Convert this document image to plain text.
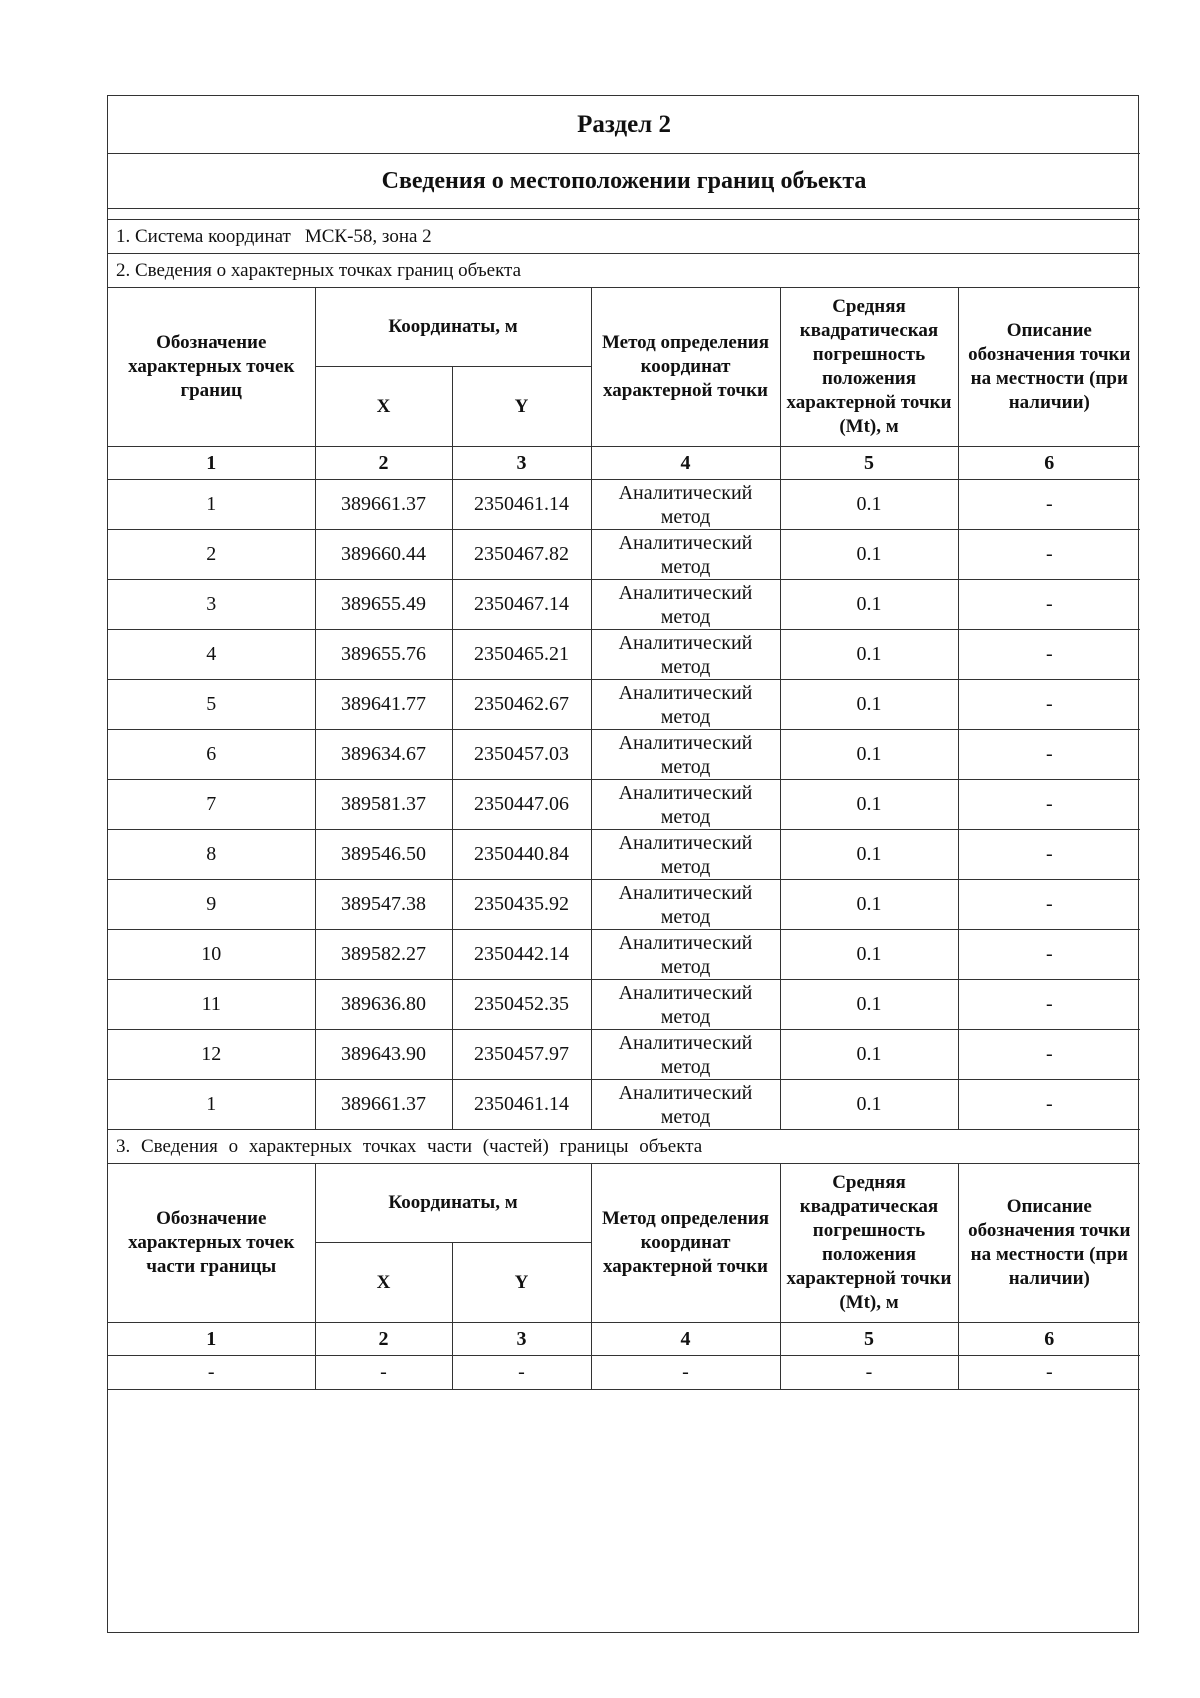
Раздел 2					
Сведения о местоположении границ объекта					

1. Система координат МСК-58, зона 2					
2. Сведения о характерных точках границ объекта					
Обозначение характерных точек границ	Координаты, м		Метод определения координат характерной точки	Средняя квадратическая погрешность положения характерной точки (Mt), м	Описание обозначения точки на местности (при наличии)
	X	Y			
1	2	3	4	5	6
1	389661.37	2350461.14	Аналитический метод	0.1	-
2	389660.44	2350467.82	Аналитический метод	0.1	-
3	389655.49	2350467.14	Аналитический метод	0.1	-
4	389655.76	2350465.21	Аналитический метод	0.1	-
5	389641.77	2350462.67	Аналитический метод	0.1	-
6	389634.67	2350457.03	Аналитический метод	0.1	-
7	389581.37	2350447.06	Аналитический метод	0.1	-
8	389546.50	2350440.84	Аналитический метод	0.1	-
9	389547.38	2350435.92	Аналитический метод	0.1	-
10	389582.27	2350442.14	Аналитический метод	0.1	-
11	389636.80	2350452.35	Аналитический метод	0.1	-
12	389643.90	2350457.97	Аналитический метод	0.1	-
1	389661.37	2350461.14	Аналитический метод	0.1	-
3. Сведения о характерных точках части (частей) границы объекта					
Обозначение характерных точек части границы	Координаты, м		Метод определения координат характерной точки	Средняя квадратическая погрешность положения характерной точки (Mt), м	Описание обозначения точки на местности (при наличии)
	X	Y			
1	2	3	4	5	6
-	-	-	-	-	-
